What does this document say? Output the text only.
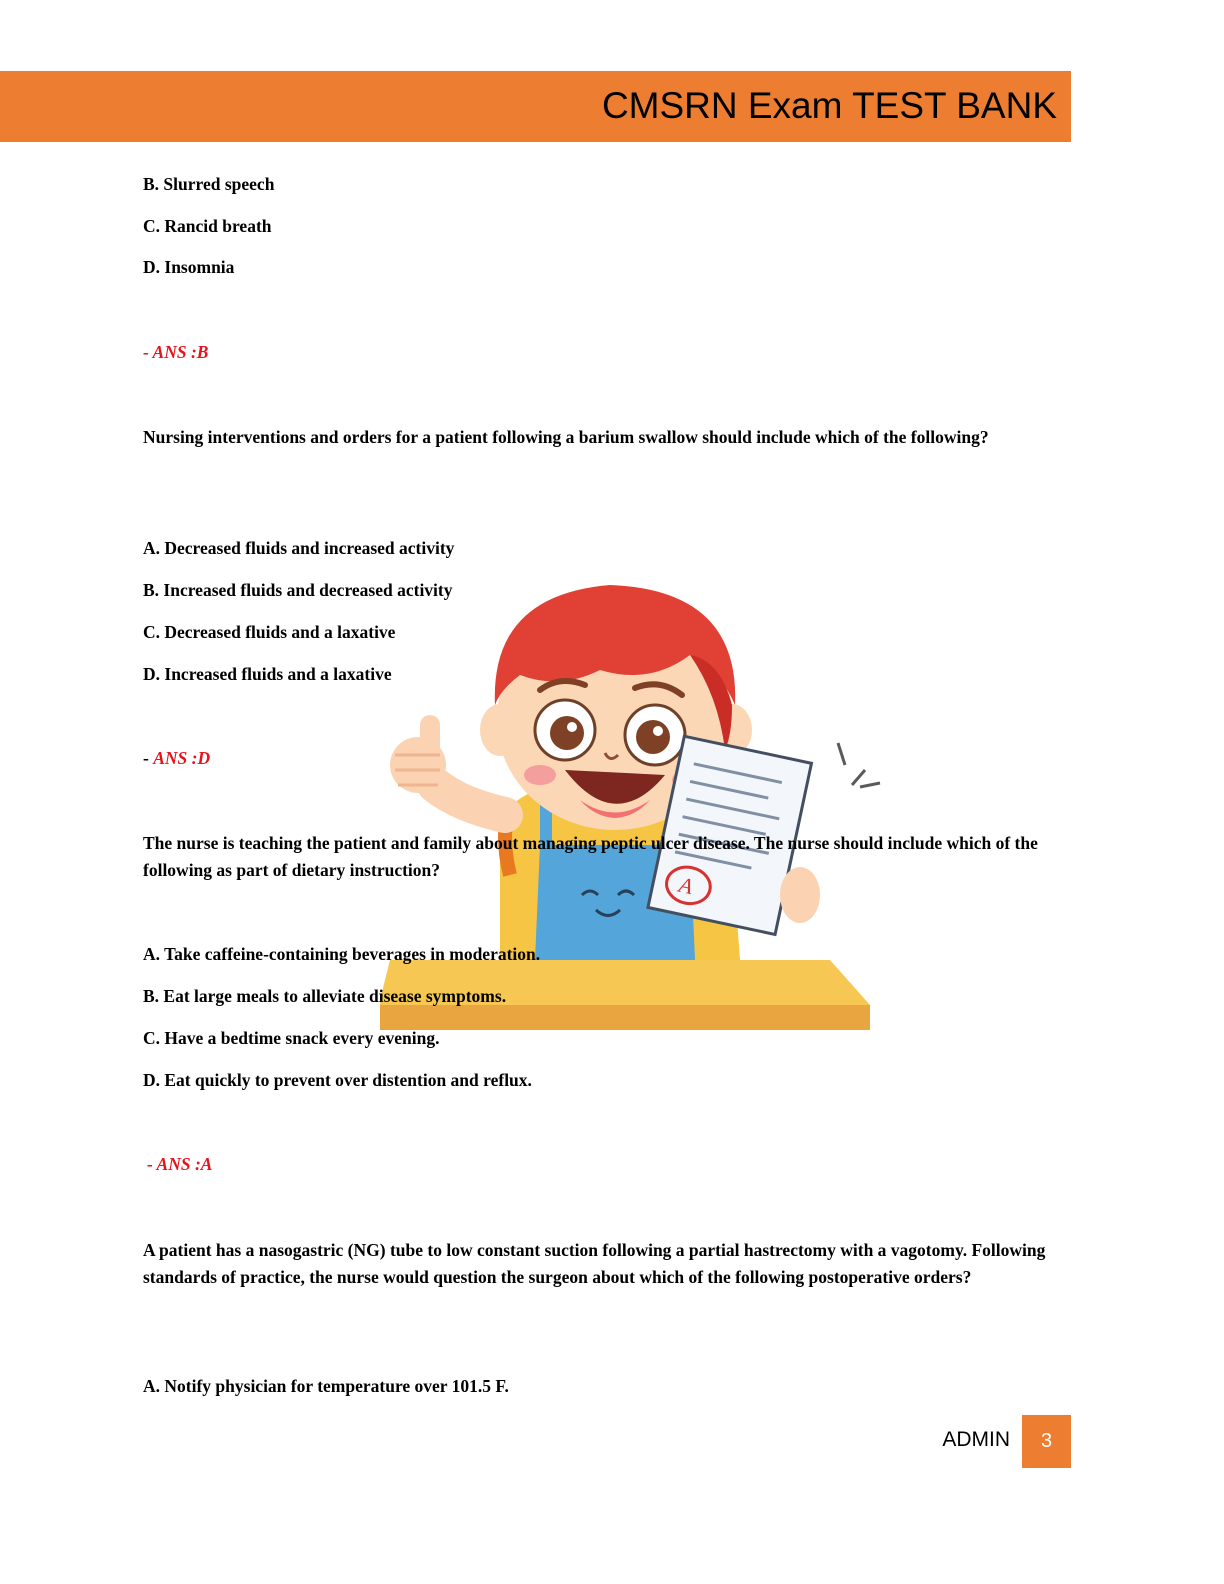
CMSRN Exam TEST BANK
A
B. Slurred speech
C. Rancid breath
D. Insomnia
- ANS :B
Nursing interventions and orders for a patient following a barium swallow should include which of the following?
A. Decreased fluids and increased activity
B. Increased fluids and decreased activity
C. Decreased fluids and a laxative
D. Increased fluids and a laxative
- ANS :D
The nurse is teaching the patient and family about managing peptic ulcer disease. The nurse should include which of the following as part of dietary instruction?
A. Take caffeine-containing beverages in moderation.
B. Eat large meals to alleviate disease symptoms.
C. Have a bedtime snack every evening.
D. Eat quickly to prevent over distention and reflux.
- ANS :A
A patient has a nasogastric (NG) tube to low constant suction following a partial hastrectomy with a vagotomy. Following standards of practice, the nurse would question the surgeon about which of the following postoperative orders?
A. Notify physician for temperature over 101.5 F.
ADMIN	3
